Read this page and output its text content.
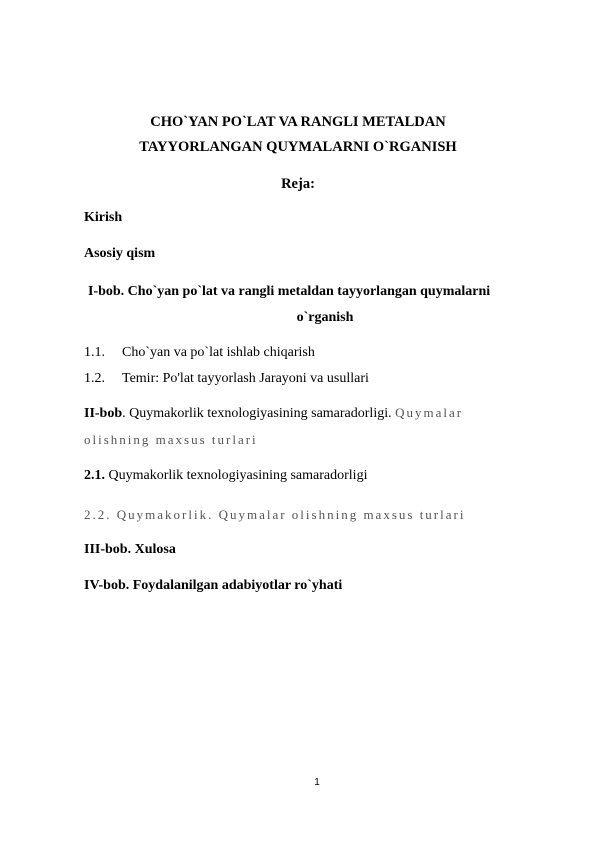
CHO`YAN PO`LAT VA RANGLI METALDAN
TAYYORLANGAN QUYMALARNI O`RGANISH
Reja:
Kirish
Asosiy qism
I-bob. Cho`yan po`lat va rangli metaldan tayyorlangan quymalarni
o`rganish
1.1. Cho`yan va po`lat ishlab chiqarish
1.2. Temir: Po'lat tayyorlash Jarayoni va usullari
II-bob. Quymakorlik texnologiyasining samaradorligi. Quymalar
olishning maxsus turlari
2.1. Quymakorlik texnologiyasining samaradorligi
2.2. Quymakorlik. Quymalar olishning maxsus turlari
III-bob. Xulosa
IV-bob. Foydalanilgan adabiyotlar ro`yhati
1
